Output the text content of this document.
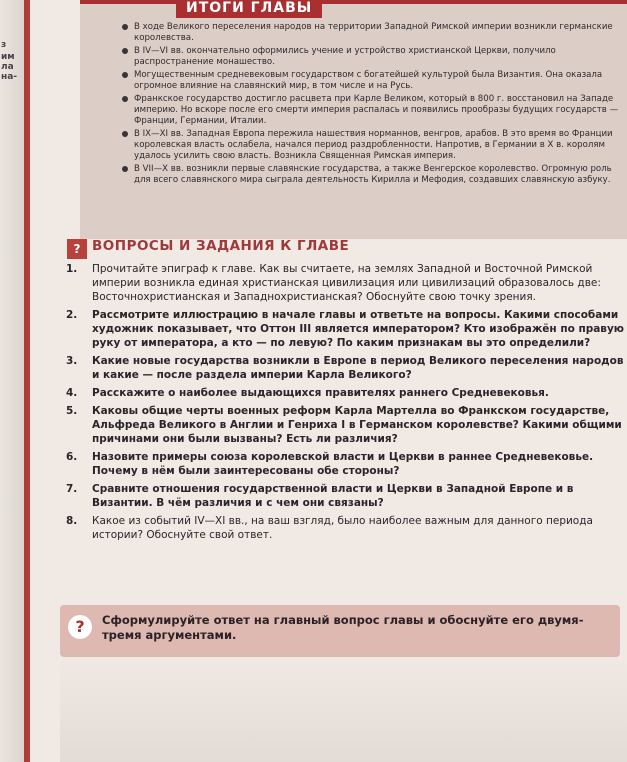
з
им
ла
на-
ИТОГИ ГЛАВЫ
В ходе Великого переселения народов на территории Западной Римской империи возникли германские королевства.
В IV—VI вв. окончательно оформились учение и устройство христианской Церкви, получило распространение монашество.
Могущественным средневековым государством с богатейшей культурой была Византия. Она оказала огромное влияние на славянский мир, в том числе и на Русь.
Франкское государство достигло расцвета при Карле Великом, который в 800 г. восстановил на Западе империю. Но вскоре после его смерти империя распалась и появились прообразы будущих государств — Франции, Германии, Италии.
В IX—XI вв. Западная Европа пережила нашествия норманнов, венгров, арабов. В это время во Франции королевская власть ослабела, начался период раздробленности. Напротив, в Германии в X в. королям удалось усилить свою власть. Возникла Священная Римская империя.
В VII—X вв. возникли первые славянские государства, а также Венгерское королевство. Огромную роль для всего славянского мира сыграла деятельность Кирилла и Мефодия, создавших славянскую азбуку.
? ВОПРОСЫ И ЗАДАНИЯ К ГЛАВЕ
1. Прочитайте эпиграф к главе. Как вы считаете, на землях Западной и Восточной Римской империи возникла единая христианская цивилизация или цивилизаций образовалось две: Восточнохристианская и Западнохристианская? Обоснуйте свою точку зрения.
2. Рассмотрите иллюстрацию в начале главы и ответьте на вопросы. Какими способами художник показывает, что Оттон III является императором? Кто изображён по правую руку от императора, а кто — по левую? По каким признакам вы это определили?
3. Какие новые государства возникли в Европе в период Великого переселения народов и какие — после раздела империи Карла Великого?
4. Расскажите о наиболее выдающихся правителях раннего Средневековья.
5. Каковы общие черты военных реформ Карла Мартелла во Франкском государстве, Альфреда Великого в Англии и Генриха I в Германском королевстве? Какими общими причинами они были вызваны? Есть ли различия?
6. Назовите примеры союза королевской власти и Церкви в раннее Средневековье. Почему в нём были заинтересованы обе стороны?
7. Сравните отношения государственной власти и Церкви в Западной Европе и в Византии. В чём различия и с чем они связаны?
8. Какое из событий IV—XI вв., на ваш взгляд, было наиболее важным для данного периода истории? Обоснуйте свой ответ.
?	Сформулируйте ответ на главный вопрос главы и обоснуйте его двумя-тремя аргументами.
